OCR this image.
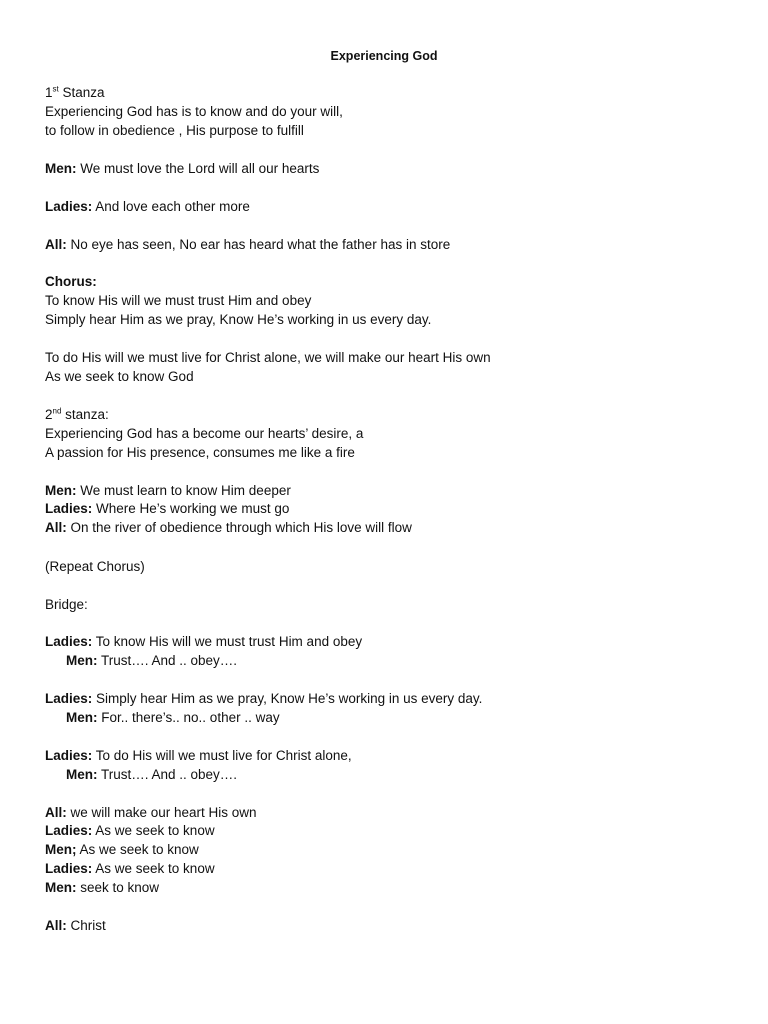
Experiencing God
1st Stanza
Experiencing God has is to know and do your will,
to follow in obedience , His purpose to fulfill
Men: We must love the Lord will all our hearts
Ladies: And love each other more
All: No eye has seen, No ear has heard what the father has in store
Chorus:
To know His will we must trust Him and obey
Simply hear Him as we pray, Know He’s working in us every day.
To do His will we must live for Christ alone, we will make our heart His own
As we seek to know God
2nd stanza:
Experiencing God has a become our hearts’ desire, a
A passion for His presence, consumes me like a fire
Men: We must learn to know Him deeper
Ladies: Where He’s working we must go
All: On the river of obedience through which His love will flow
(Repeat Chorus)
Bridge:
Ladies: To know His will we must trust Him and obey
Men: Trust…. And .. obey….
Ladies: Simply hear Him as we pray, Know He’s working in us every day.
Men: For.. there’s.. no.. other .. way
Ladies: To do His will we must live for Christ alone,
Men: Trust…. And .. obey….
All: we will make our heart His own
Ladies: As we seek to know
Men; As we seek to know
Ladies: As we seek to know
Men: seek to know
All: Christ
